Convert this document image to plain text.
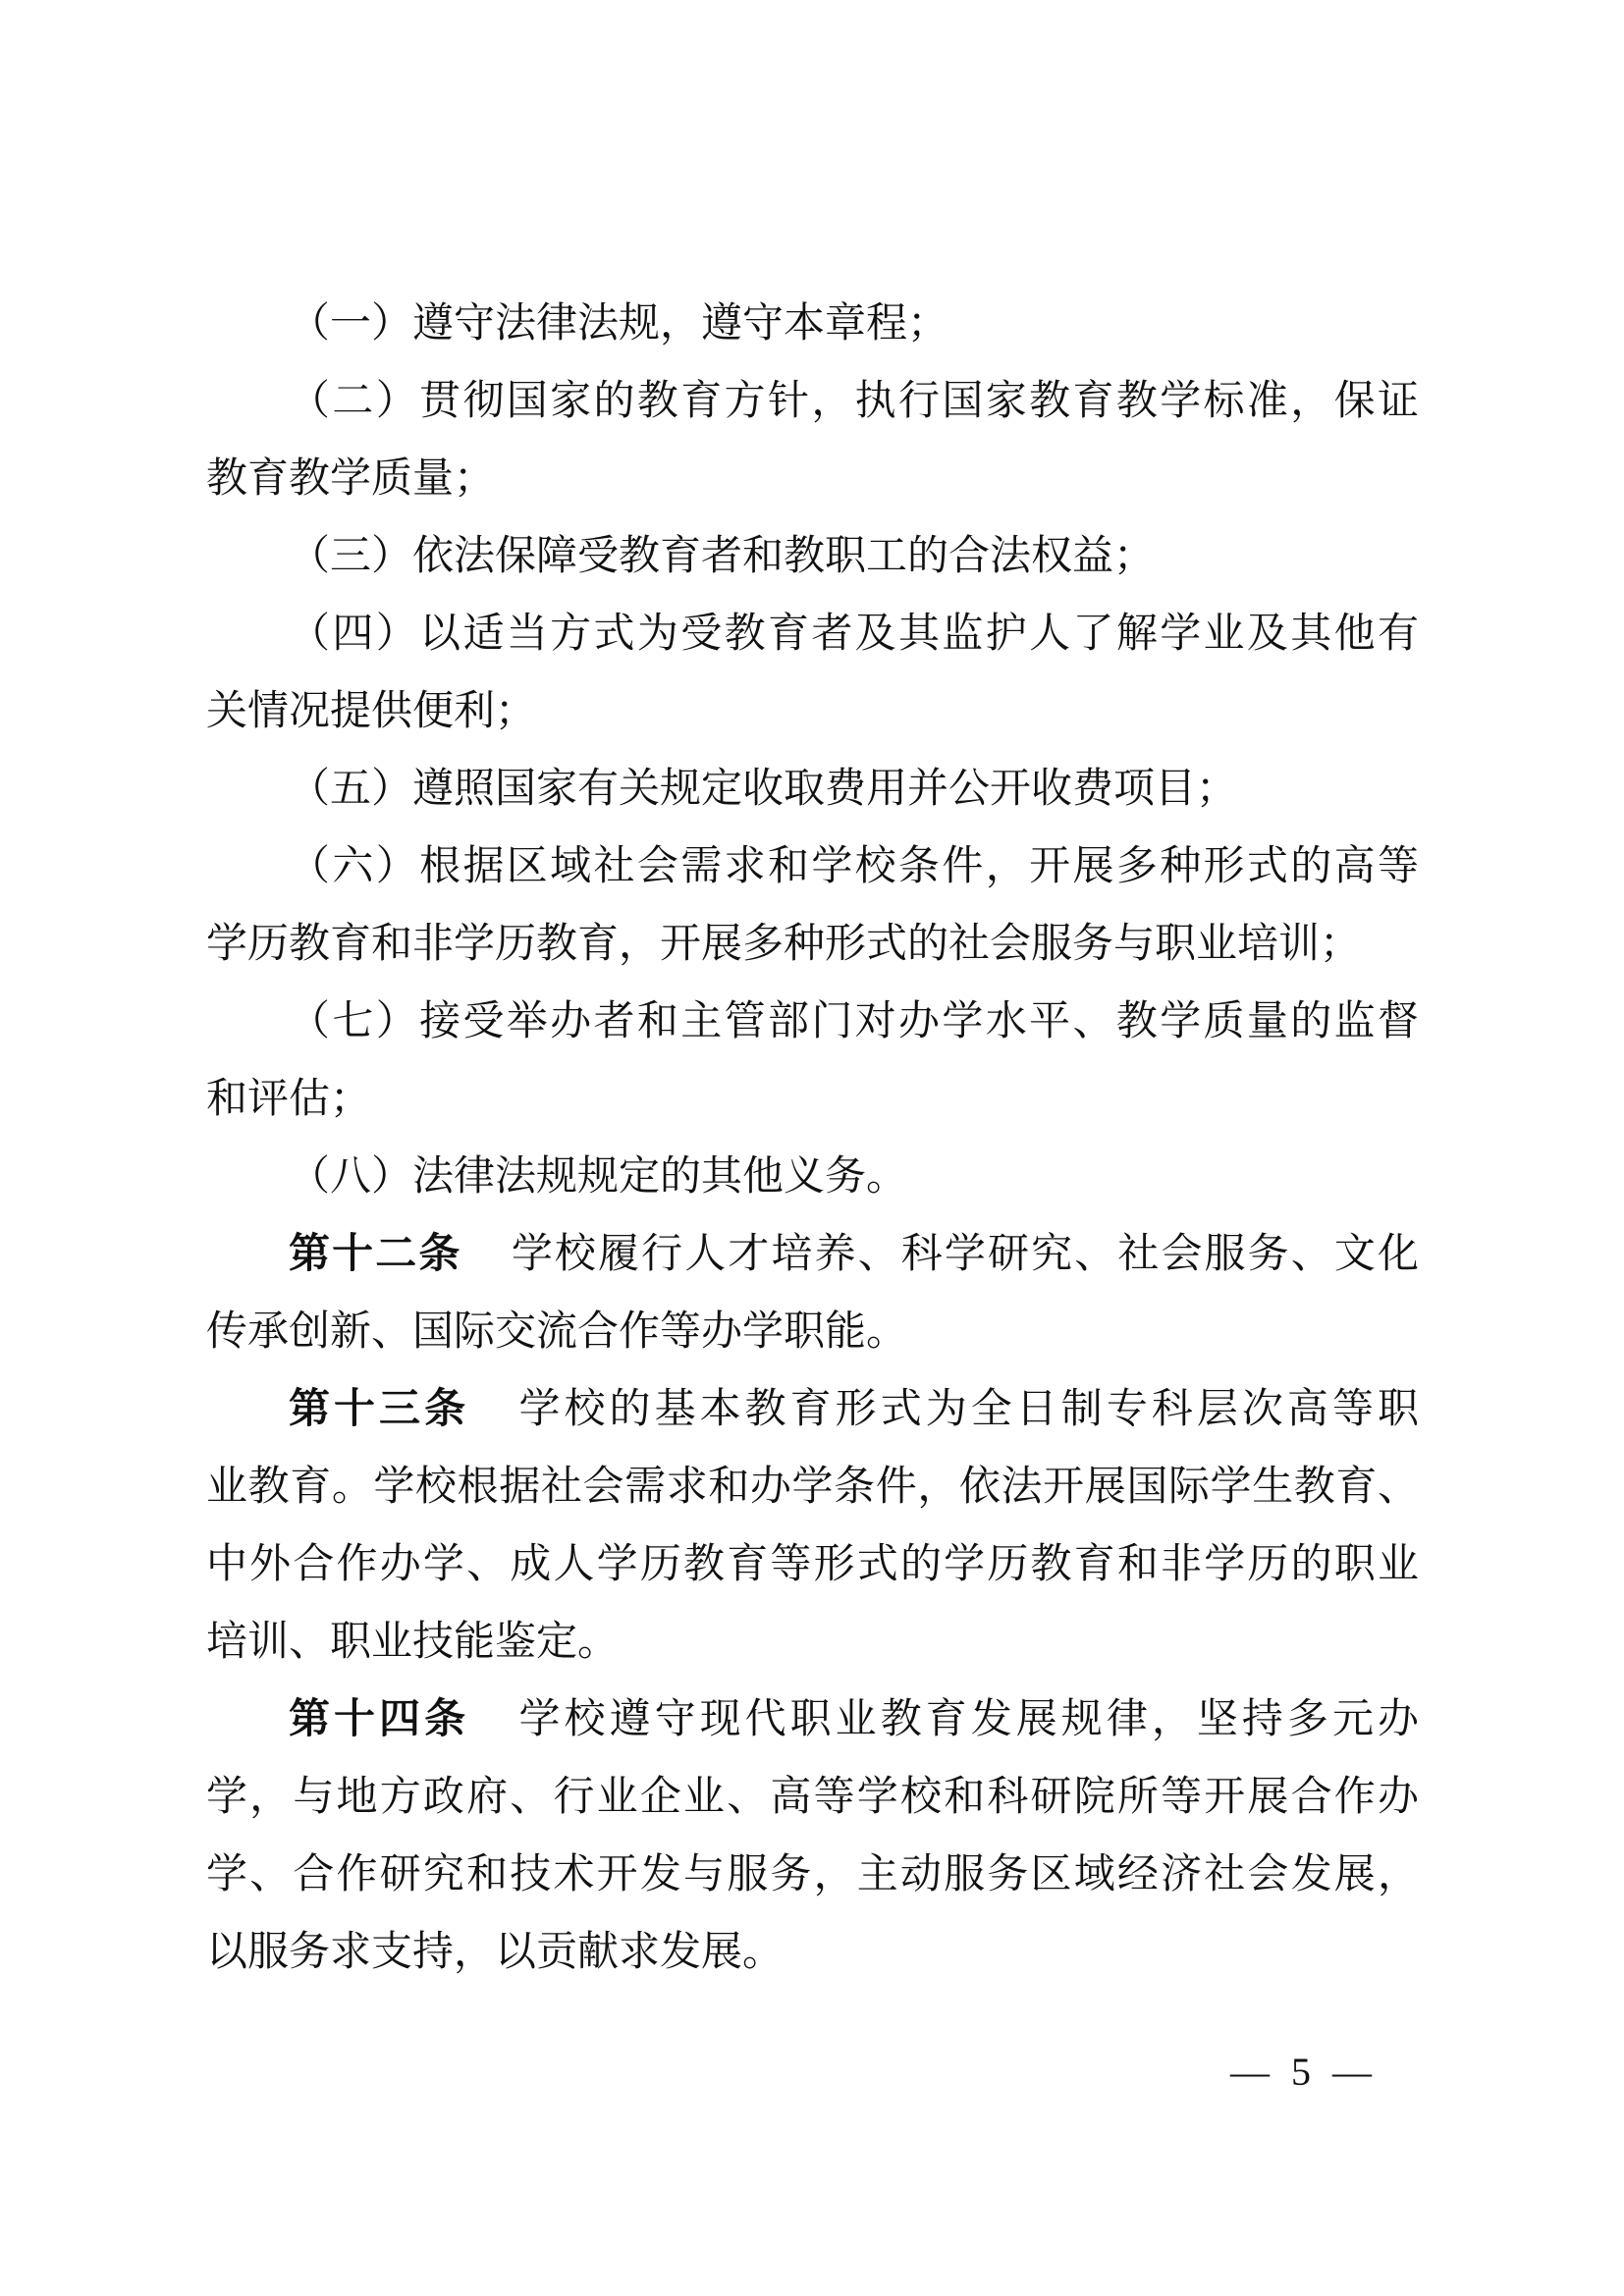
（一）遵守法律法规，遵守本章程；
（二）贯彻国家的教育方针，执行国家教育教学标准，保证
教育教学质量；
（三）依法保障受教育者和教职工的合法权益；
（四）以适当方式为受教育者及其监护人了解学业及其他有
关情况提供便利；
（五）遵照国家有关规定收取费用并公开收费项目；
（六）根据区域社会需求和学校条件，开展多种形式的高等
学历教育和非学历教育，开展多种形式的社会服务与职业培训；
（七）接受举办者和主管部门对办学水平、教学质量的监督
和评估；
（八）法律法规规定的其他义务。
第十二条 学校履行人才培养、科学研究、社会服务、文化
传承创新、国际交流合作等办学职能。
第十三条 学校的基本教育形式为全日制专科层次高等职
业教育。学校根据社会需求和办学条件，依法开展国际学生教育、
中外合作办学、成人学历教育等形式的学历教育和非学历的职业
培训、职业技能鉴定。
第十四条 学校遵守现代职业教育发展规律，坚持多元办
学，与地方政府、行业企业、高等学校和科研院所等开展合作办
学、合作研究和技术开发与服务，主动服务区域经济社会发展，
以服务求支持，以贡献求发展。
— 5 —
